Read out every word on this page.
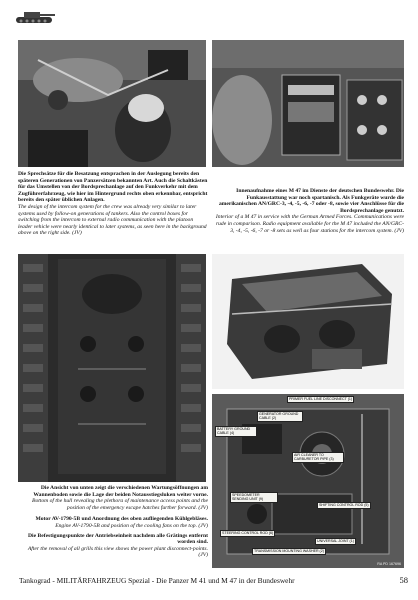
Die Sprechsätze für die Besatzung entsprachen in der Auslegung bereits den späteren Generationen von Panzersätzen bekannten Art. Auch die Schaltkästen für das Umstellen von der Bordsprechanlage auf den Funkverkehr mit dem Zugführerfahrzeug, wie hier im Hintergrund rechts oben erkennbar, entspricht bereits den später üblichen Anlagen.

The design of the intercom system for the crew was already very similar to later systems used by follow-on generations of tankers. Also the control boxes for switching from the intercom to external radio communication with the platoon leader vehicle were nearly identical to later systems, as seen here in the background above on the right side. (JV)

Innenaufnahme eines M 47 im Dienste der deutschen Bundeswehr. Die Funkausstattung war noch spartanisch. Als Funkgeräte wurde die amerikanischen AN/GRC-3, -4, -5, -6, -7 oder -8, sowie vier Anschlüsse für die Bordsprechanlage genutzt.

Interior of a M 47 in service with the German Armed Forces. Communications were rude in comparison. Radio equipment available for the M 47 included the AN/GRC-3, -4, -5, -6, -7 or -8 sets as well as four stations for the intercom system. (JV)

PRIMER FUEL LINE DISCONNECT (1)
GENERATOR GROUND CABLE (2)
BATTERY GROUND CABLE (4)
AIR CLEANER TO CARBURETOR PIPE (3)
SPEEDOMETER SENDING UNIT (9)
SHIFTING CONTROL ROD (5)
STEERING CONTROL ROD (6)
UNIVERSAL JOINT (1)
TRANSMISSION MOUNTING WASHER (2)
RA PD 167696

Die Ansicht von unten zeigt die verschiedenen Wartungsöffnungen am Wannenboden sowie die Lage der beiden Notausstiegsluken weiter vorne.

Bottom of the hull revealing the plethora of maintenance access points and the position of the emergency escape hatches further forward. (JV)

Motor AV-1790-5B und Anordnung des oben aufliegenden Kühlgebläses.

Engine AV-1790-5B and position of the cooling fans on the top. (JV)

Die Befestigungspunkte der Antriebseinheit nachdem alle Grätings entfernt worden sind.

After the removal of all grills this view shows the power plant disconnect-points. (JV)

Tankograd - MILITÄRFAHRZEUG Spezial - Die Panzer M 41 und M 47 in der Bundeswehr	58
